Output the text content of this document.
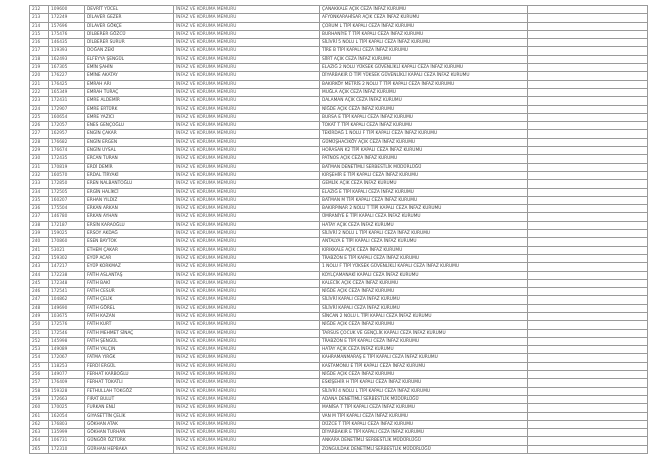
212	109600	DEVRİT YÜCEL	İNFAZ VE KORUMA MEMURU	ÇANAKKALE AÇIK CEZA İNFAZ KURUMU	
213	172249	DİLAVER GEZER	İNFAZ VE KORUMA MEMURU	AFYONKARAHİSAR AÇIK CEZA İNFAZ KURUMU	
214	157696	DİLAVER GÖKÇE	İNFAZ VE KORUMA MEMURU	ÇORUM L TİPİ KAPALI CEZA İNFAZ KURUMU	
215	175476	DİLBERER GÖZCÜ	İNFAZ VE KORUMA MEMURU	BURHANİYE T TİPİ KAPALI CEZA İNFAZ KURUMU	
216	146435	DİLBERER SURUR	İNFAZ VE KORUMA MEMURU	SİLİVRİ 5 NOLU L TİPİ KAPALI CEZA İNFAZ KURUMU	
217	119393	DOĞAN ZEKİ	İNFAZ VE KORUMA MEMURU	TİRE B TİPİ KAPALI CEZA İNFAZ KURUMU	
218	162493	ELFEYYA ŞENGÜL	İNFAZ VE KORUMA MEMURU	SİİRT AÇIK CEZA İNFAZ KURUMU	
219	167305	EMİN ŞAHİN	İNFAZ VE KORUMA MEMURU	ELAZIĞ 2 NOLU YÜKSEK GÜVENLİKLİ KAPALI CEZA İNFAZ KURUMU	
220	176227	EMİNE AKATAY	İNFAZ VE KORUMA MEMURU	DİYARBAKIR D TİPİ YÜKSEK GÜVENLİKLİ KAPALI CEZA İNFAZ KURUMU	
221	176425	EMRAH ARI	İNFAZ VE KORUMA MEMURU	BAKIRKÖY METRİS 2 NOLU T TİPİ KAPALI CEZA İNFAZ KURUMU	
222	165349	EMRAH TURAÇ	İNFAZ VE KORUMA MEMURU	MUĞLA AÇIK CEZA İNFAZ KURUMU	
223	172431	EMRE ALDEMİR	İNFAZ VE KORUMA MEMURU	DALAMAN AÇIK CEZA İNFAZ KURUMU	
224	172907	EMRE ERTÜRK	İNFAZ VE KORUMA MEMURU	NİĞDE AÇIK CEZA İNFAZ KURUMU	
225	160654	EMRE YAZICI	İNFAZ VE KORUMA MEMURU	BURSA E TİPİ KAPALI CEZA İNFAZ KURUMU	
226	172057	ENES GENÇOĞLU	İNFAZ VE KORUMA MEMURU	TOKAT T TİPİ KAPALI CEZA İNFAZ KURUMU	
227	162957	ENGİN ÇAKAR	İNFAZ VE KORUMA MEMURU	TEKİRDAĞ 1 NOLU F TİPİ KAPALI CEZA İNFAZ KURUMU	
228	176682	ENGİN ERGEN	İNFAZ VE KORUMA MEMURU	GÜMÜŞHACIKÖY AÇIK CEZA İNFAZ KURUMU	
229	176674	ENGİN UYSAL	İNFAZ VE KORUMA MEMURU	HORASAN K2 TİPİ KAPALI CEZA İNFAZ KURUMU	
230	172435	ERCAN TURAN	İNFAZ VE KORUMA MEMURU	PATNOS AÇIK CEZA İNFAZ KURUMU	
231	170819	ERDİ DEMİR	İNFAZ VE KORUMA MEMURU	BATMAN DENETİMLİ SERBESTLİK MÜDÜRLÜĞÜ	
232	160570	ERDAL TİRYAKİ	İNFAZ VE KORUMA MEMURU	KIRŞEHİR E TİPİ KAPALI CEZA İNFAZ KURUMU	
233	172850	EREN NALBANTOĞLU	İNFAZ VE KORUMA MEMURU	GEMLİK AÇIK CEZA İNFAZ KURUMU	
234	172505	ERGİN HALİKCİ	İNFAZ VE KORUMA MEMURU	ELAZIĞ E TİPİ KAPALI CEZA İNFAZ KURUMU	
235	160207	ERHAN YILDIZ	İNFAZ VE KORUMA MEMURU	BATMAN M TİPİ KAPALI CEZA İNFAZ KURUMU	
236	175504	ERKAN ARKAN	İNFAZ VE KORUMA MEMURU	BAKIRPINAR 2 NOLU T TİPİ KAPALI CEZA İNFAZ KURUMU	
237	146780	ERKAN AYHAN	İNFAZ VE KORUMA MEMURU	ÜMRANİYE E TİPİ KAPALI CEZA İNFAZ KURUMU	
238	172187	ERSİN KARAOĞLU	İNFAZ VE KORUMA MEMURU	HATAY AÇIK CEZA İNFAZ KURUMU	
239	159025	ERSOY AKDAĞ	İNFAZ VE KORUMA MEMURU	SİLİVRİ 2 NOLU L TİPİ KAPALI CEZA İNFAZ KURUMU	
240	170860	ESEN BAYTOK	İNFAZ VE KORUMA MEMURU	ANTALYA E TİPİ KAPALI CEZA İNFAZ KURUMU	
241	53021	ETHEM ÇAKAR	İNFAZ VE KORUMA MEMURU	KIRIKKALE AÇIK CEZA İNFAZ KURUMU	
242	159302	EYÜP ACAR	İNFAZ VE KORUMA MEMURU	TRABZON E TİPİ KAPALI CEZA İNFAZ KURUMU	
243	147217	EYÜP KORKMAZ	İNFAZ VE KORUMA MEMURU	1 NOLU F TİPİ YÜKSEK GÜVENLİKLİ KAPALI CEZA İNFAZ KURUMU	
244	172238	FATİH ASLANTAŞ	İNFAZ VE KORUMA MEMURU	KOYLÇAMANAKİ KAPALI CEZA İNFAZ KURUMU	
245	172348	FATİH BAKİ	İNFAZ VE KORUMA MEMURU	KALECİK AÇIK CEZA İNFAZ KURUMU	
246	172541	FATİH CESUR	İNFAZ VE KORUMA MEMURU	NİĞDE AÇIK CEZA İNFAZ KURUMU	
247	104862	FATİH ÇELİK	İNFAZ VE KORUMA MEMURU	SİLİVRİ KAPALI CEZA İNFAZ KURUMU	
248	149690	FATİH GÖREL	İNFAZ VE KORUMA MEMURU	SİLİVRİ KAPALI CEZA İNFAZ KURUMU	
249	103675	FATİH KAZAN	İNFAZ VE KORUMA MEMURU	SİNCAN 2 NOLU L TİPİ KAPALI CEZA İNFAZ KURUMU	
250	172576	FATİH KURT	İNFAZ VE KORUMA MEMURU	NİĞDE AÇIK CEZA İNFAZ KURUMU	
251	172546	FATİH MEHMET SİNAÇ	İNFAZ VE KORUMA MEMURU	TARSUS ÇOCUK VE GENÇLİK KAPALI CEZA İNFAZ KURUMU	
252	145998	FATİH ŞENGÜL	İNFAZ VE KORUMA MEMURU	TRABZON E TİPİ KAPALI CEZA İNFAZ KURUMU	
253	149089	FATİH YALÇIN	İNFAZ VE KORUMA MEMURU	HATAY AÇIK CEZA İNFAZ KURUMU	
254	172067	FATMA YIRĞK	İNFAZ VE KORUMA MEMURU	KAHRAMANMARAŞ E TİPİ KAPALI CEZA İNFAZ KURUMU	
255	118253	FERDİ ERGÜL	İNFAZ VE KORUMA MEMURU	KASTAMONU E TİPİ KAPALI CEZA İNFAZ KURUMU	
256	149077	FERHAT KARBOĞLU	İNFAZ VE KORUMA MEMURU	NİĞDE AÇIK CEZA İNFAZ KURUMU	
257	176409	FERHAT TOKATLI	İNFAZ VE KORUMA MEMURU	ESKİŞEHİR H TİPİ KAPALI CEZA İNFAZ KURUMU	
258	159328	FETHULLAH TOKGÖZ	İNFAZ VE KORUMA MEMURU	SİLİVRİ 4 NOLU L TİPİ KAPALI CEZA İNFAZ KURUMU	
259	172663	FIRAT BULUT	İNFAZ VE KORUMA MEMURU	ADANA DENETİMLİ SERBESTLİK MÜDÜRLÜĞÜ	
260	170025	FURKAN ENLİ	İNFAZ VE KORUMA MEMURU	MANİSA T TİPİ KAPALI CEZA İNFAZ KURUMU	
261	162054	GIYASETTİN ÇELİK	İNFAZ VE KORUMA MEMURU	VAN M TİPİ KAPALI CEZA İNFAZ KURUMU	
262	176803	GÖKHAN ATAK	İNFAZ VE KORUMA MEMURU	DÜZCE T TİPİ KAPALI CEZA İNFAZ KURUMU	
263	135999	GÖKHAN TURHAN	İNFAZ VE KORUMA MEMURU	DİYARBAKIR E TİPİ KAPALI CEZA İNFAZ KURUMU	
264	106731	GÜNGÖR ÖZTÜRK	İNFAZ VE KORUMA MEMURU	ANKARA DENETİMLİ SERBESTLİK MÜDÜRLÜĞÜ	
265	172310	GÜRHAN HEPBAKA	İNFAZ VE KORUMA MEMURU	ZONGULDAK DENETİMLİ SERBESTLİK MÜDÜRLÜĞÜ	
